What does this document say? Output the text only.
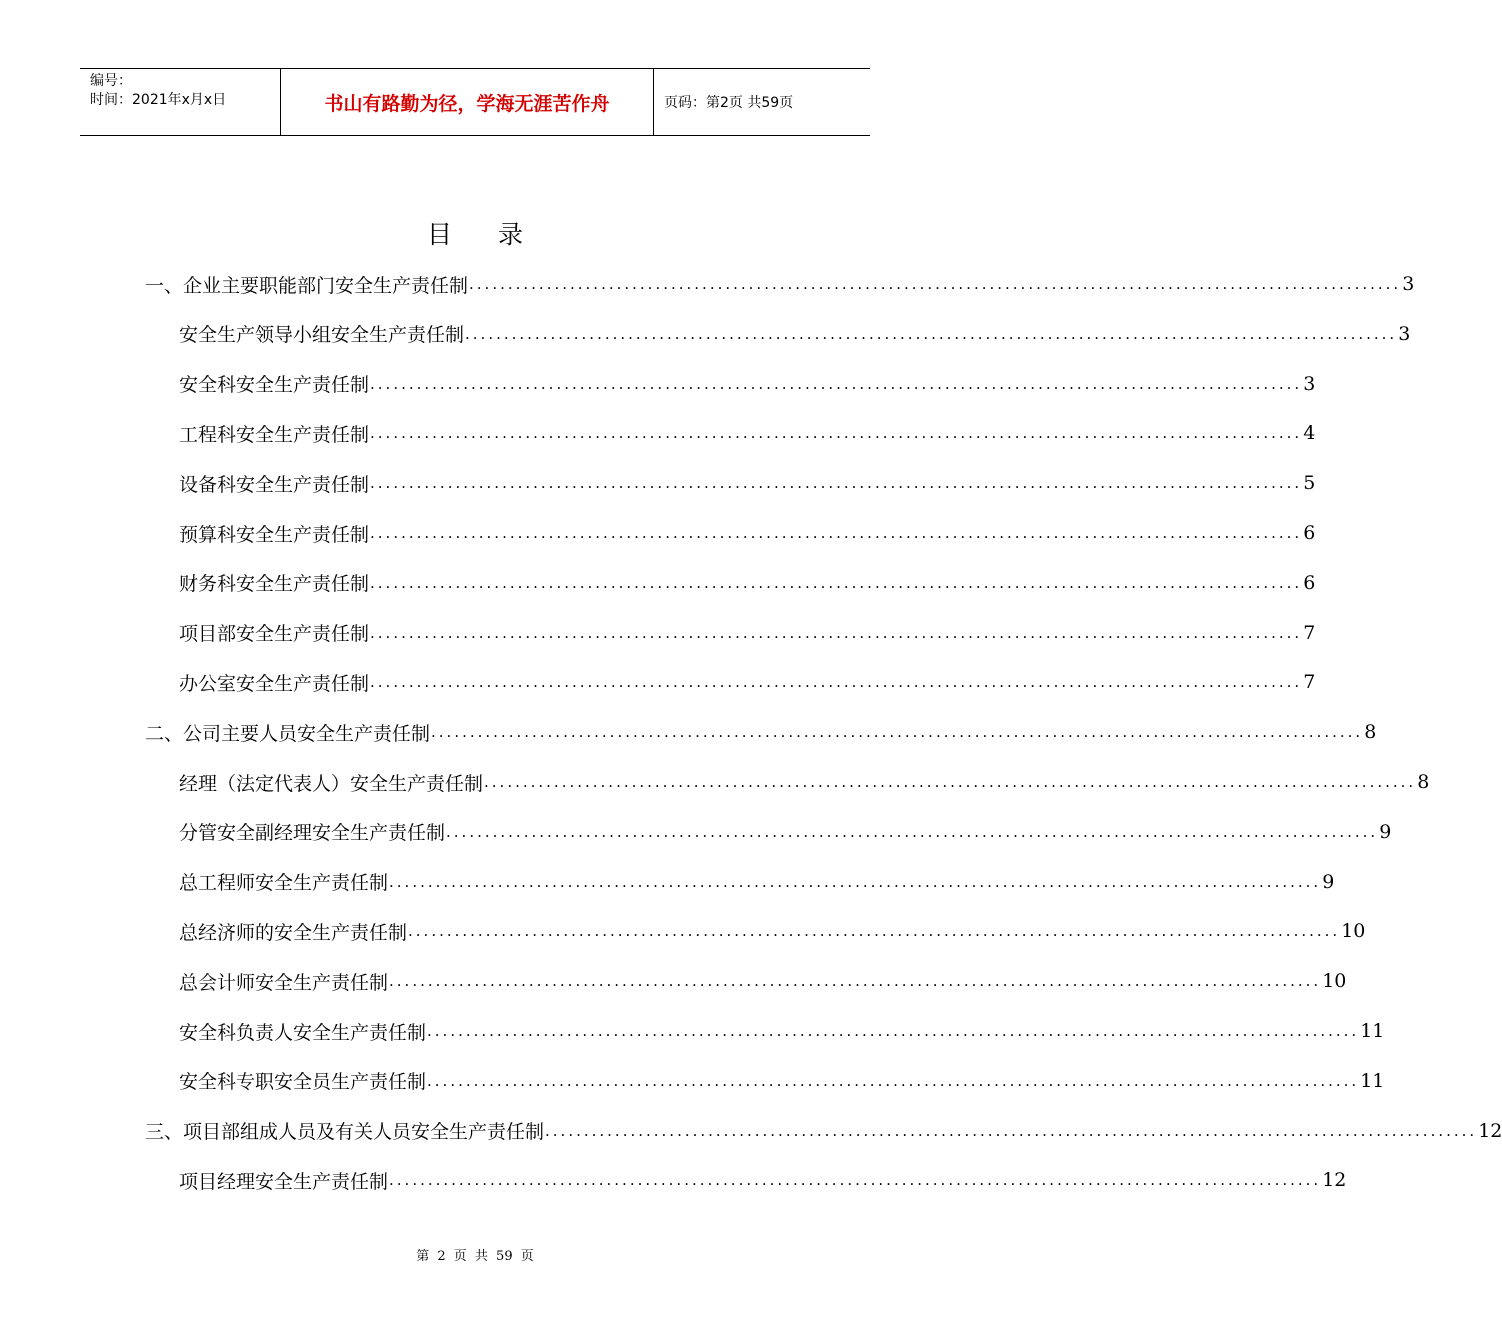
编号：
时间：2021年x月x日	书山有路勤为径，学海无涯苦作舟	页码：第2页 共59页
目录
一、企业主要职能部门安全生产责任制 ........................................................................................................................ 3
安全生产领导小组安全生产责任制 ........................................................................................................................ 3
安全科安全生产责任制 ........................................................................................................................ 3
工程科安全生产责任制 ........................................................................................................................ 4
设备科安全生产责任制 ........................................................................................................................ 5
预算科安全生产责任制 ........................................................................................................................ 6
财务科安全生产责任制 ........................................................................................................................ 6
项目部安全生产责任制 ........................................................................................................................ 7
办公室安全生产责任制 ........................................................................................................................ 7
二、公司主要人员安全生产责任制 ........................................................................................................................ 8
经理（法定代表人）安全生产责任制 ........................................................................................................................ 8
分管安全副经理安全生产责任制 ........................................................................................................................ 9
总工程师安全生产责任制 ........................................................................................................................ 9
总经济师的安全生产责任制 ........................................................................................................................ 10
总会计师安全生产责任制 ........................................................................................................................ 10
安全科负责人安全生产责任制 ........................................................................................................................ 11
安全科专职安全员生产责任制 ........................................................................................................................ 11
三、项目部组成人员及有关人员安全生产责任制 ........................................................................................................................ 12
项目经理安全生产责任制 ........................................................................................................................ 12
第 2 页 共 59 页
